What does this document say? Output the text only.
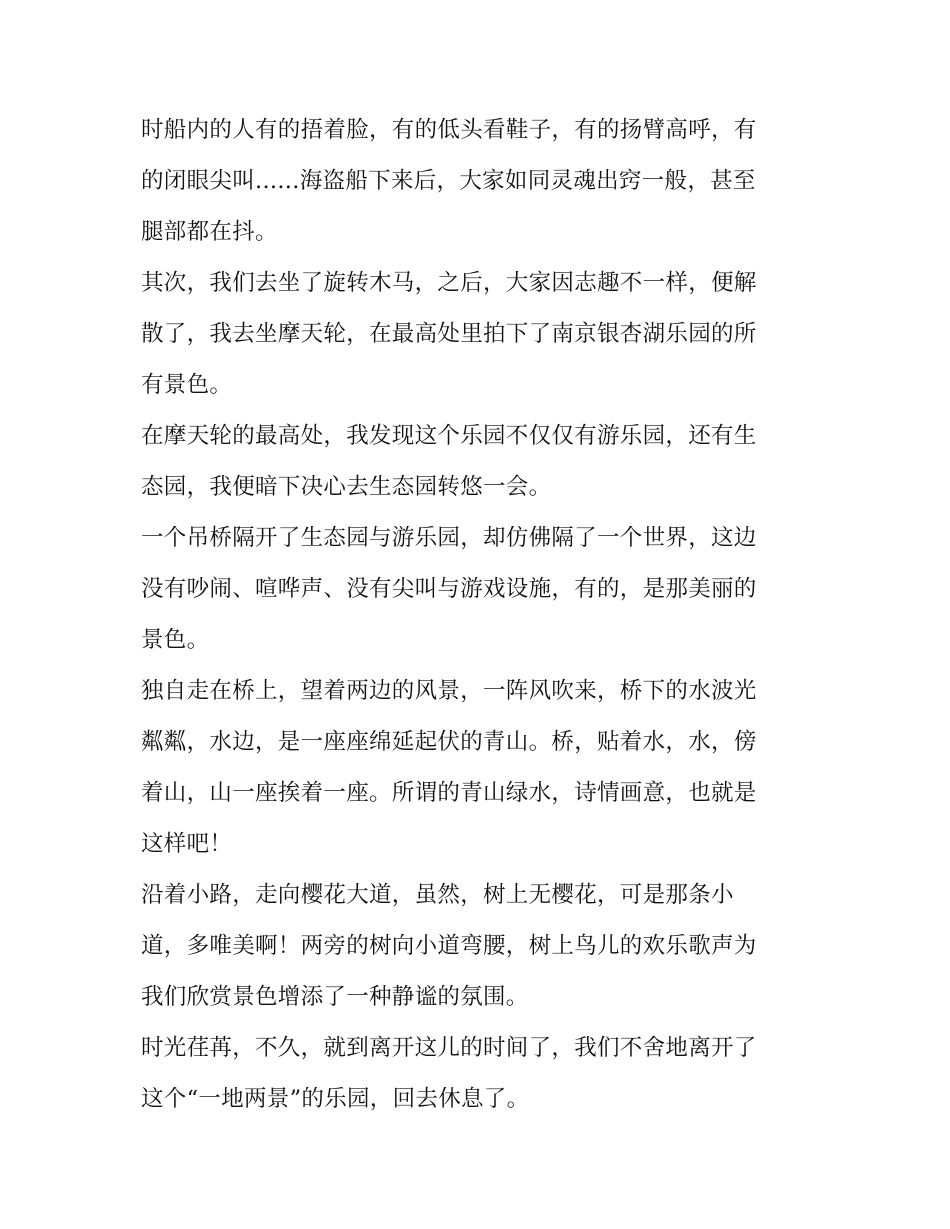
时船内的人有的捂着脸，有的低头看鞋子，有的扬臂高呼，有
的闭眼尖叫......海盗船下来后，大家如同灵魂出窍一般，甚至
腿部都在抖。
其次，我们去坐了旋转木马，之后，大家因志趣不一样，便解
散了，我去坐摩天轮，在最高处里拍下了南京银杏湖乐园的所
有景色。
在摩天轮的最高处，我发现这个乐园不仅仅有游乐园，还有生
态园，我便暗下决心去生态园转悠一会。
一个吊桥隔开了生态园与游乐园，却仿佛隔了一个世界，这边
没有吵闹、喧哗声、没有尖叫与游戏设施，有的，是那美丽的
景色。
独自走在桥上，望着两边的风景，一阵风吹来，桥下的水波光
粼粼，水边，是一座座绵延起伏的青山。桥，贴着水，水，傍
着山，山一座挨着一座。所谓的青山绿水，诗情画意，也就是
这样吧！
沿着小路，走向樱花大道，虽然，树上无樱花，可是那条小
道，多唯美啊！两旁的树向小道弯腰，树上鸟儿的欢乐歌声为
我们欣赏景色增添了一种静谧的氛围。
时光荏苒，不久，就到离开这儿的时间了，我们不舍地离开了
这个“一地两景”的乐园，回去休息了。
